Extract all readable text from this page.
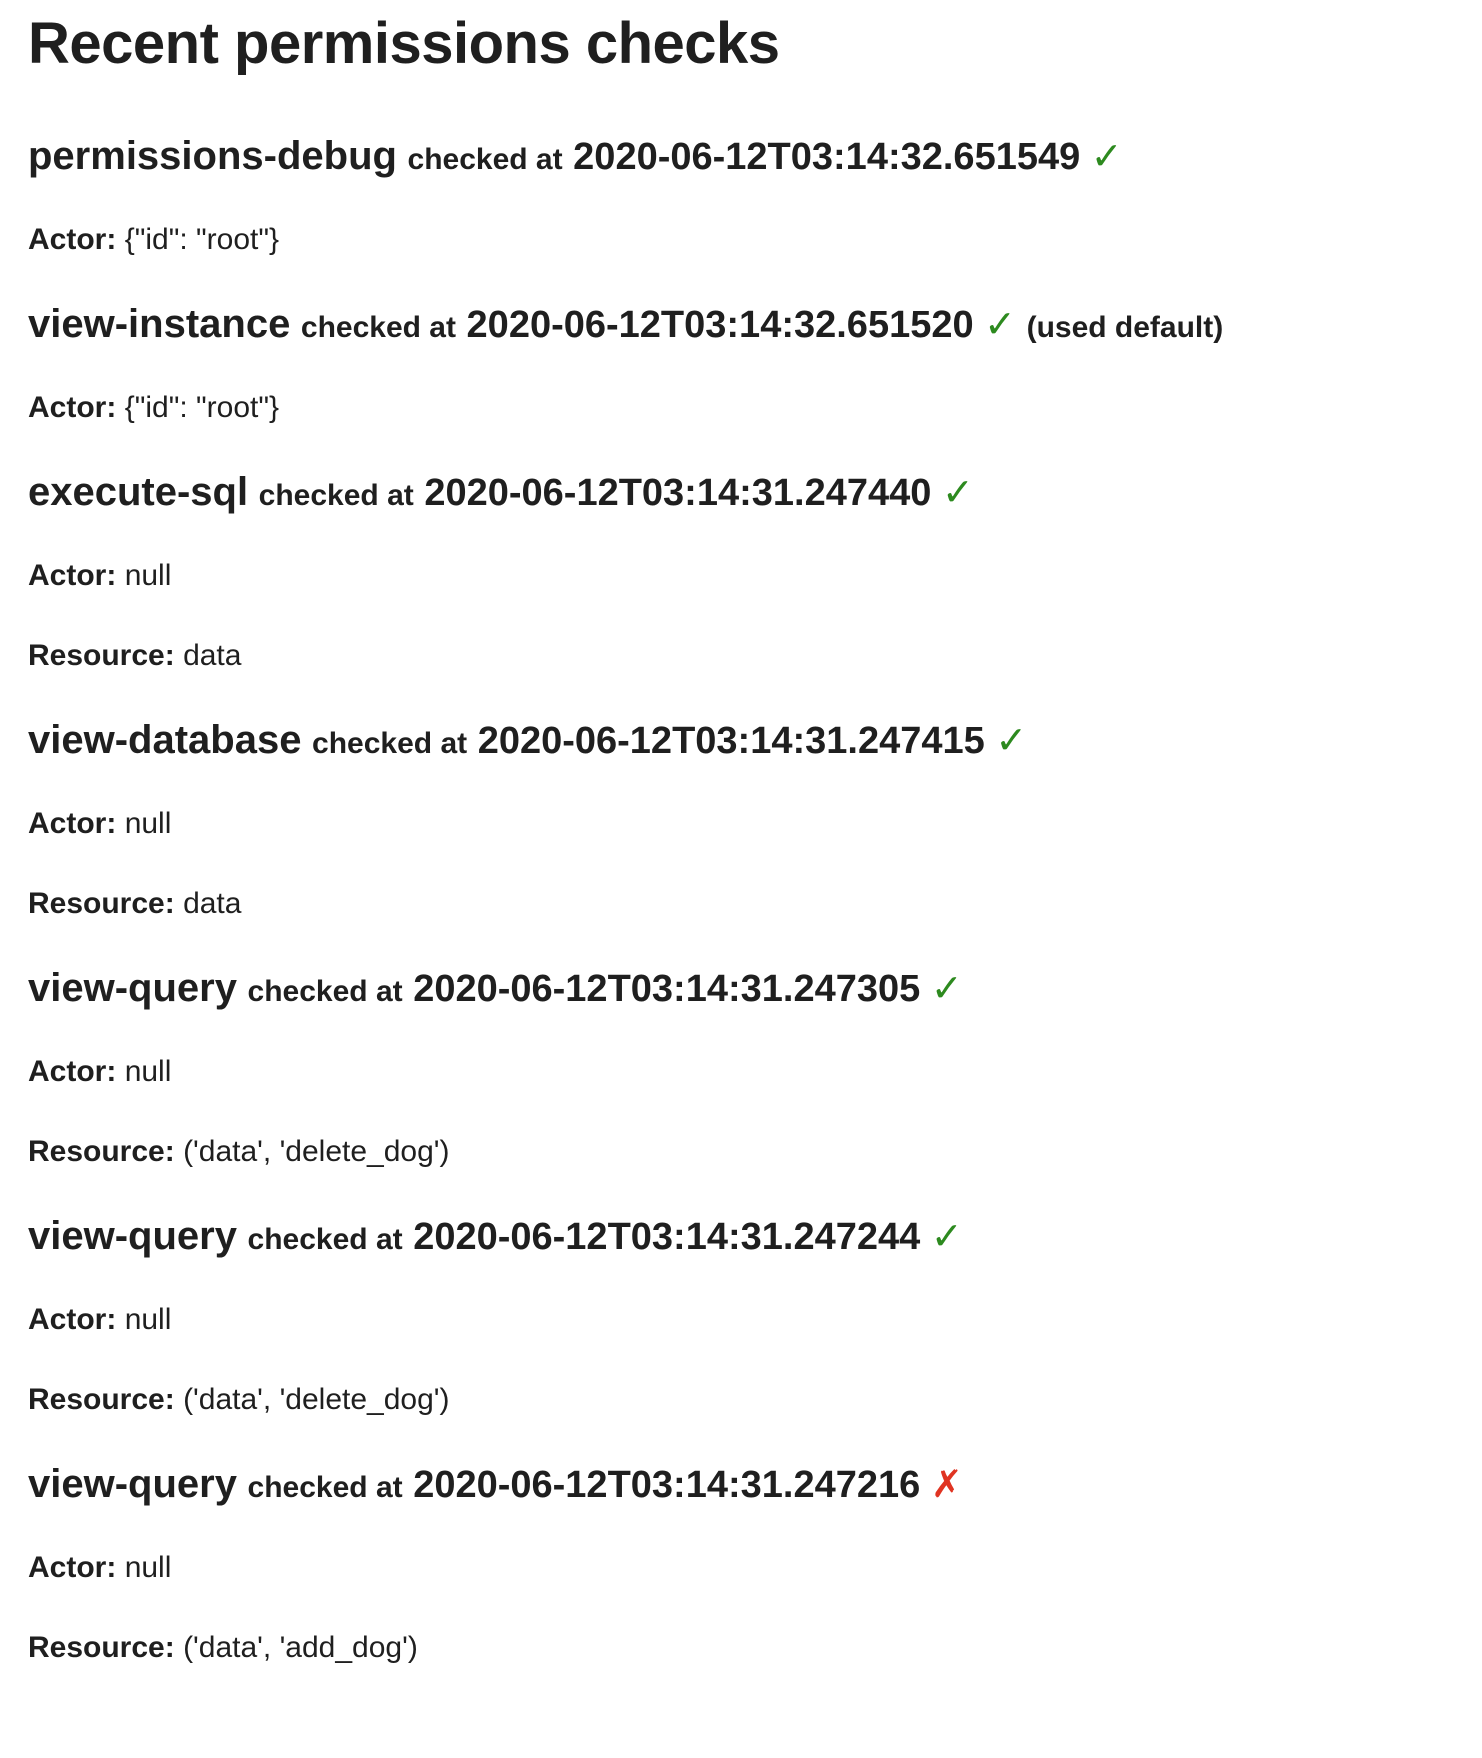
Recent permissions checks
permissions-debug checked at 2020-06-12T03:14:32.651549 ✓
Actor: {"id": "root"}
view-instance checked at 2020-06-12T03:14:32.651520 ✓ (used default)
Actor: {"id": "root"}
execute-sql checked at 2020-06-12T03:14:31.247440 ✓
Actor: null
Resource: data
view-database checked at 2020-06-12T03:14:31.247415 ✓
Actor: null
Resource: data
view-query checked at 2020-06-12T03:14:31.247305 ✓
Actor: null
Resource: ('data', 'delete_dog')
view-query checked at 2020-06-12T03:14:31.247244 ✓
Actor: null
Resource: ('data', 'delete_dog')
view-query checked at 2020-06-12T03:14:31.247216 ✗
Actor: null
Resource: ('data', 'add_dog')
